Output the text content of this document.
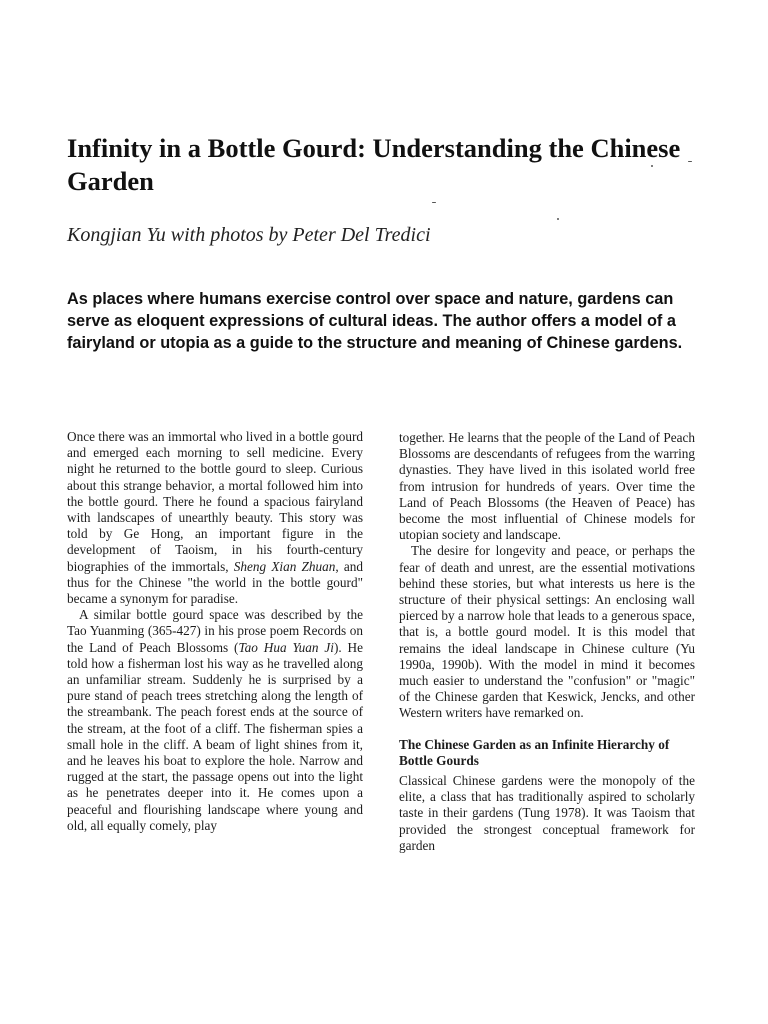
Infinity in a Bottle Gourd: Understanding the Chinese Garden

Kongjian Yu with photos by Peter Del Tredici

As places where humans exercise control over space and nature, gardens can serve as eloquent expressions of cultural ideas. The author offers a model of a fairyland or utopia as a guide to the structure and meaning of Chinese gardens.

Once there was an immortal who lived in a bottle gourd and emerged each morning to sell medicine. Every night he returned to the bottle gourd to sleep. Curious about this strange behavior, a mortal followed him into the bottle gourd. There he found a spacious fairyland with landscapes of unearthly beauty. This story was told by Ge Hong, an important figure in the development of Taoism, in his fourth-century biographies of the immortals, Sheng Xian Zhuan, and thus for the Chinese "the world in the bottle gourd" became a synonym for paradise.

A similar bottle gourd space was described by the Tao Yuanming (365-427) in his prose poem Records on the Land of Peach Blossoms (Tao Hua Yuan Ji). He told how a fisherman lost his way as he travelled along an unfamiliar stream. Suddenly he is surprised by a pure stand of peach trees stretching along the length of the streambank. The peach forest ends at the source of the stream, at the foot of a cliff. The fisherman spies a small hole in the cliff. A beam of light shines from it, and he leaves his boat to explore the hole. Narrow and rugged at the start, the passage opens out into the light as he penetrates deeper into it. He comes upon a peaceful and flourishing landscape where young and old, all equally comely, play

together. He learns that the people of the Land of Peach Blossoms are descendants of refugees from the warring dynasties. They have lived in this isolated world free from intrusion for hundreds of years. Over time the Land of Peach Blossoms (the Heaven of Peace) has become the most influential of Chinese models for utopian society and landscape.

The desire for longevity and peace, or perhaps the fear of death and unrest, are the essential motivations behind these stories, but what interests us here is the structure of their physical settings: An enclosing wall pierced by a narrow hole that leads to a generous space, that is, a bottle gourd model. It is this model that remains the ideal landscape in Chinese culture (Yu 1990a, 1990b). With the model in mind it becomes much easier to understand the "confusion" or "magic" of the Chinese garden that Keswick, Jencks, and other Western writers have remarked on.

The Chinese Garden as an Infinite Hierarchy of Bottle Gourds

Classical Chinese gardens were the monopoly of the elite, a class that has traditionally aspired to scholarly taste in their gardens (Tung 1978). It was Taoism that provided the strongest conceptual framework for garden
